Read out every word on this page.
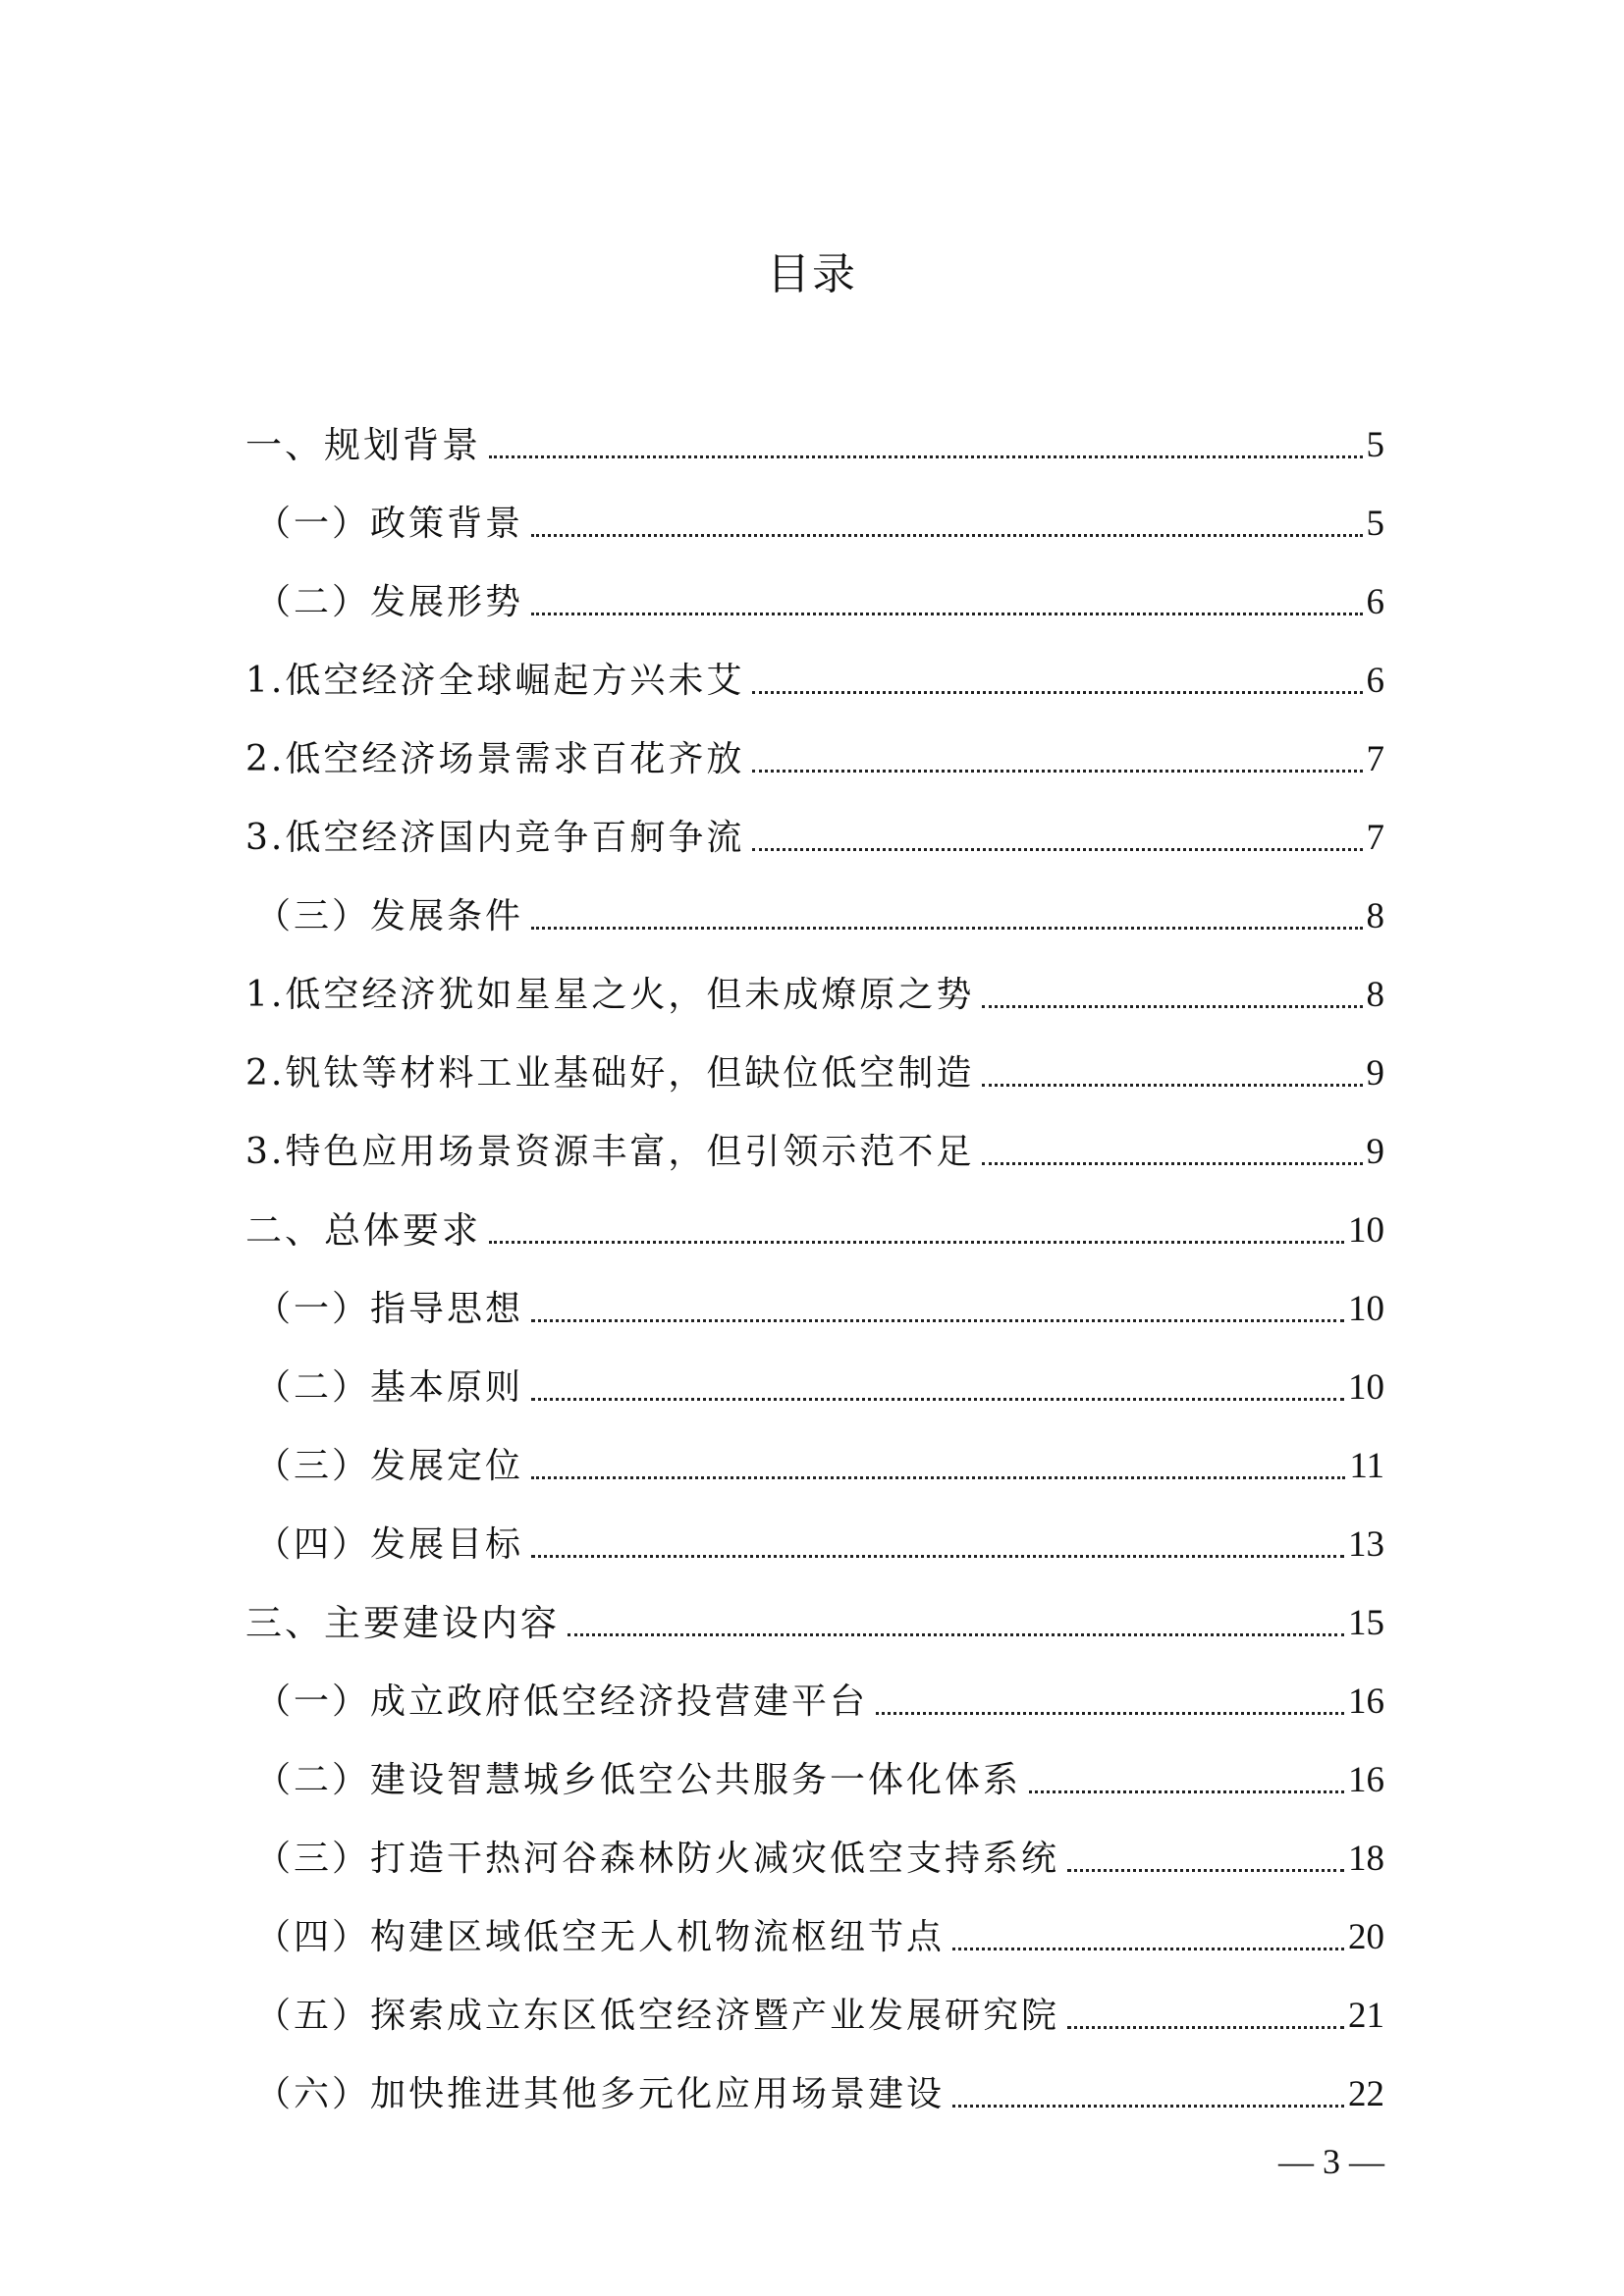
目录
一、规划背景	5
（一）政策背景	5
（二）发展形势	6
1.低空经济全球崛起方兴未艾	6
2.低空经济场景需求百花齐放	7
3.低空经济国内竞争百舸争流	7
（三）发展条件	8
1.低空经济犹如星星之火，但未成燎原之势	8
2.钒钛等材料工业基础好，但缺位低空制造	9
3.特色应用场景资源丰富，但引领示范不足	9
二、总体要求	10
（一）指导思想	10
（二）基本原则	10
（三）发展定位	11
（四）发展目标	13
三、主要建设内容	15
（一）成立政府低空经济投营建平台	16
（二）建设智慧城乡低空公共服务一体化体系	16
（三）打造干热河谷森林防火减灾低空支持系统	18
（四）构建区域低空无人机物流枢纽节点	20
（五）探索成立东区低空经济暨产业发展研究院	21
（六）加快推进其他多元化应用场景建设	22
— 3 —
